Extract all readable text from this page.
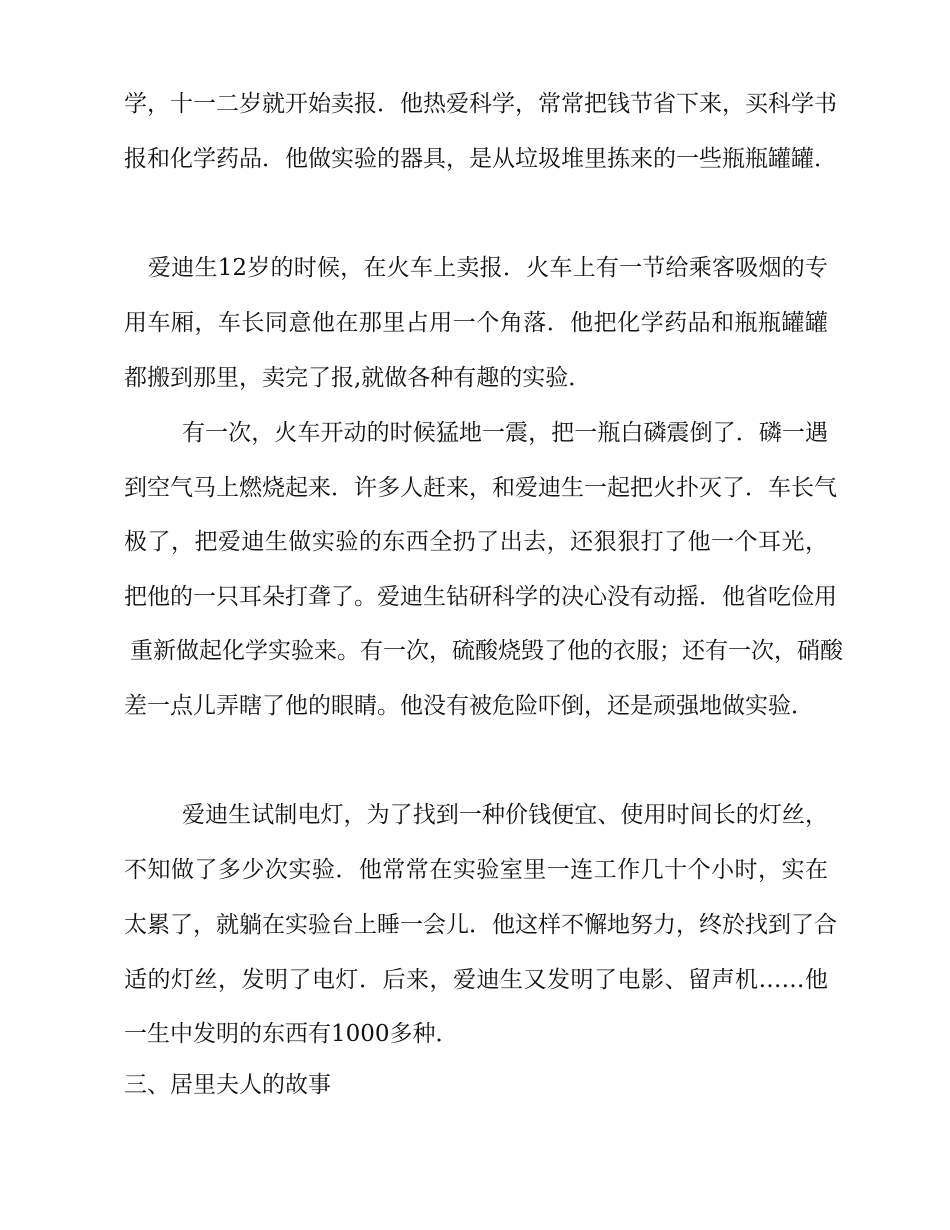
学，十一二岁就开始卖报．他热爱科学，常常把钱节省下来，买科学书
报和化学药品．他做实验的器具，是从垃圾堆里拣来的一些瓶瓶罐罐．
爱迪生12岁的时候，在火车上卖报．火车上有一节给乘客吸烟的专
用车厢，车长同意他在那里占用一个角落．他把化学药品和瓶瓶罐罐
都搬到那里，卖完了报,就做各种有趣的实验．
有一次，火车开动的时候猛地一震，把一瓶白磷震倒了．磷一遇
到空气马上燃烧起来．许多人赶来，和爱迪生一起把火扑灭了．车长气
极了，把爱迪生做实验的东西全扔了出去，还狠狠打了他一个耳光，
把他的一只耳朵打聋了。爱迪生钻研科学的决心没有动摇．他省吃俭用
重新做起化学实验来。有一次，硫酸烧毁了他的衣服；还有一次，硝酸
差一点儿弄瞎了他的眼睛。他没有被危险吓倒，还是顽强地做实验．
爱迪生试制电灯，为了找到一种价钱便宜、使用时间长的灯丝，
不知做了多少次实验．他常常在实验室里一连工作几十个小时，实在
太累了，就躺在实验台上睡一会儿．他这样不懈地努力，终於找到了合
适的灯丝，发明了电灯．后来，爱迪生又发明了电影、留声机……他
一生中发明的东西有1000多种．
三、居里夫人的故事
